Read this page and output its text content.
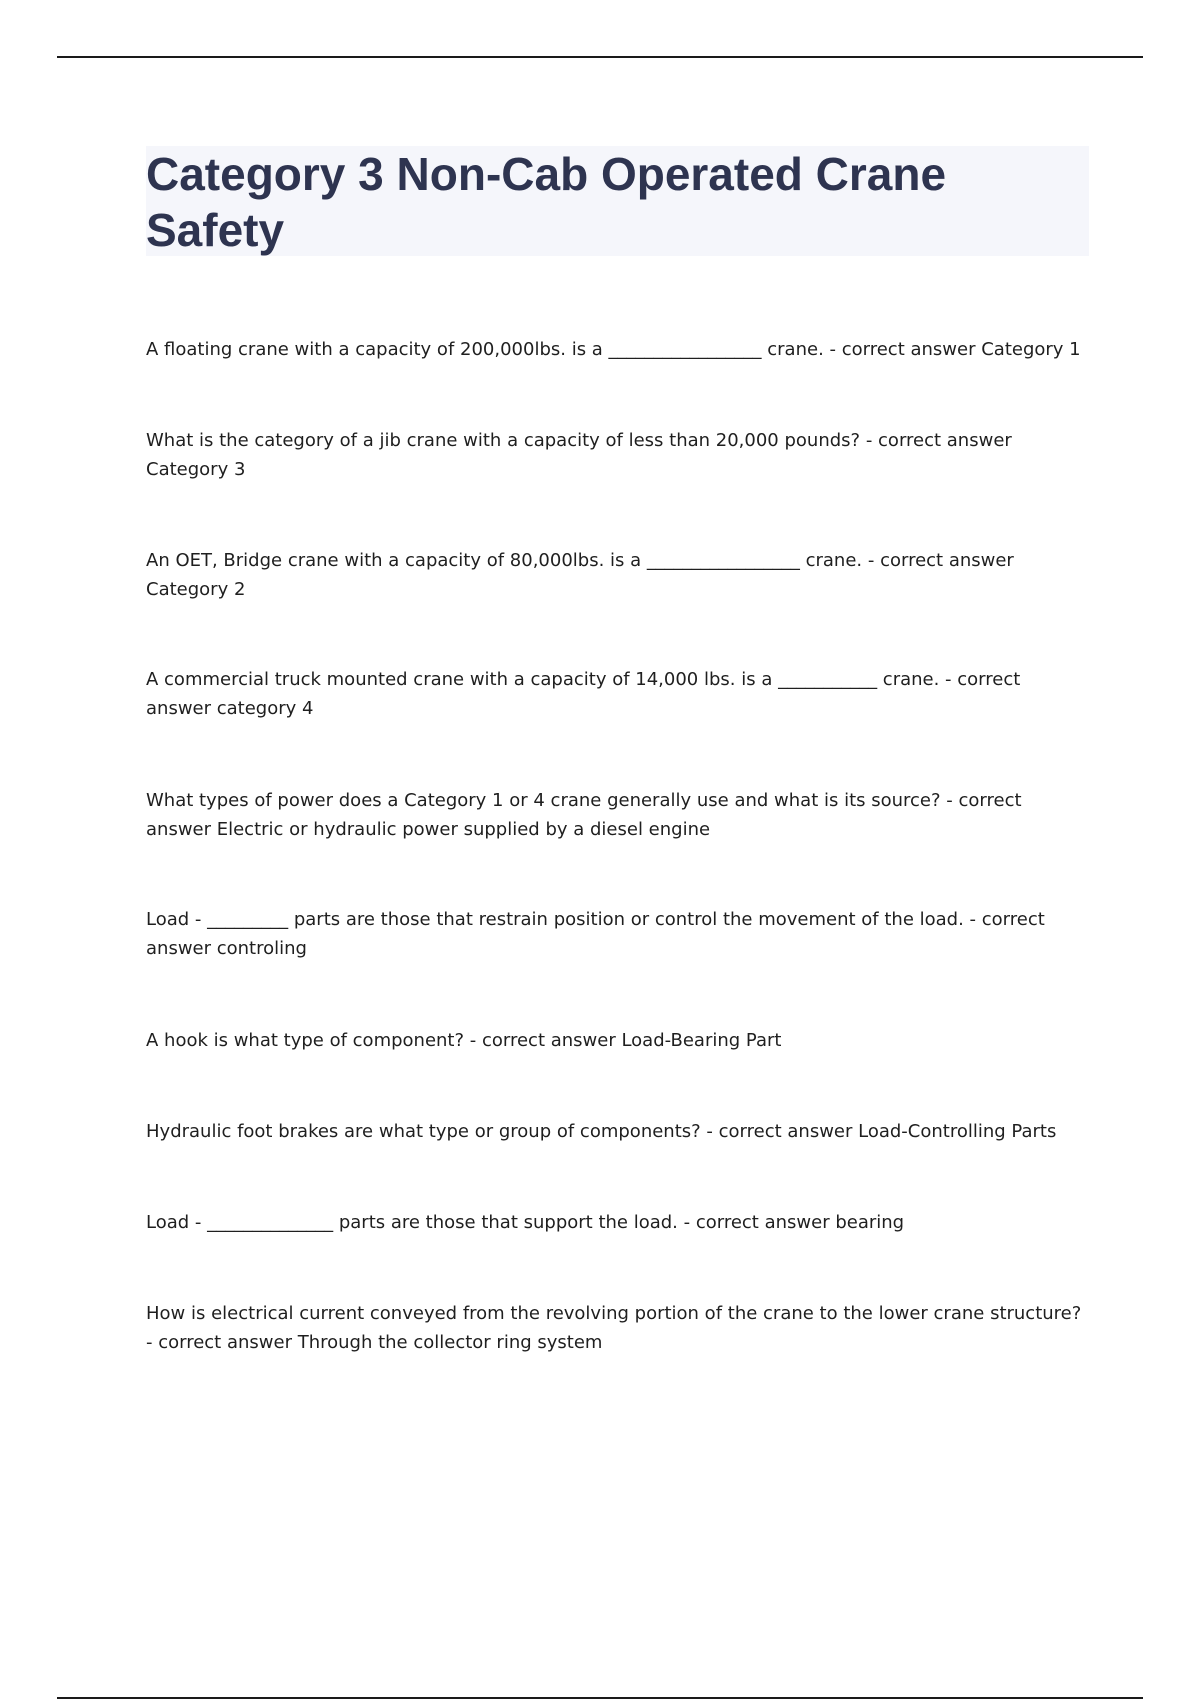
Category 3 Non-Cab Operated Crane Safety

A floating crane with a capacity of 200,000lbs. is a _________________ crane. - correct answer Category 1

What is the category of a jib crane with a capacity of less than 20,000 pounds? - correct answer Category 3

An OET, Bridge crane with a capacity of 80,000lbs. is a _________________ crane. - correct answer Category 2

A commercial truck mounted crane with a capacity of 14,000 lbs. is a ___________ crane. - correct answer category 4

What types of power does a Category 1 or 4 crane generally use and what is its source? - correct answer Electric or hydraulic power supplied by a diesel engine

Load - _________ parts are those that restrain position or control the movement of the load. - correct answer controling

A hook is what type of component? - correct answer Load-Bearing Part

Hydraulic foot brakes are what type or group of components? - correct answer Load-Controlling Parts

Load - ______________ parts are those that support the load. - correct answer bearing

How is electrical current conveyed from the revolving portion of the crane to the lower crane structure? - correct answer Through the collector ring system
